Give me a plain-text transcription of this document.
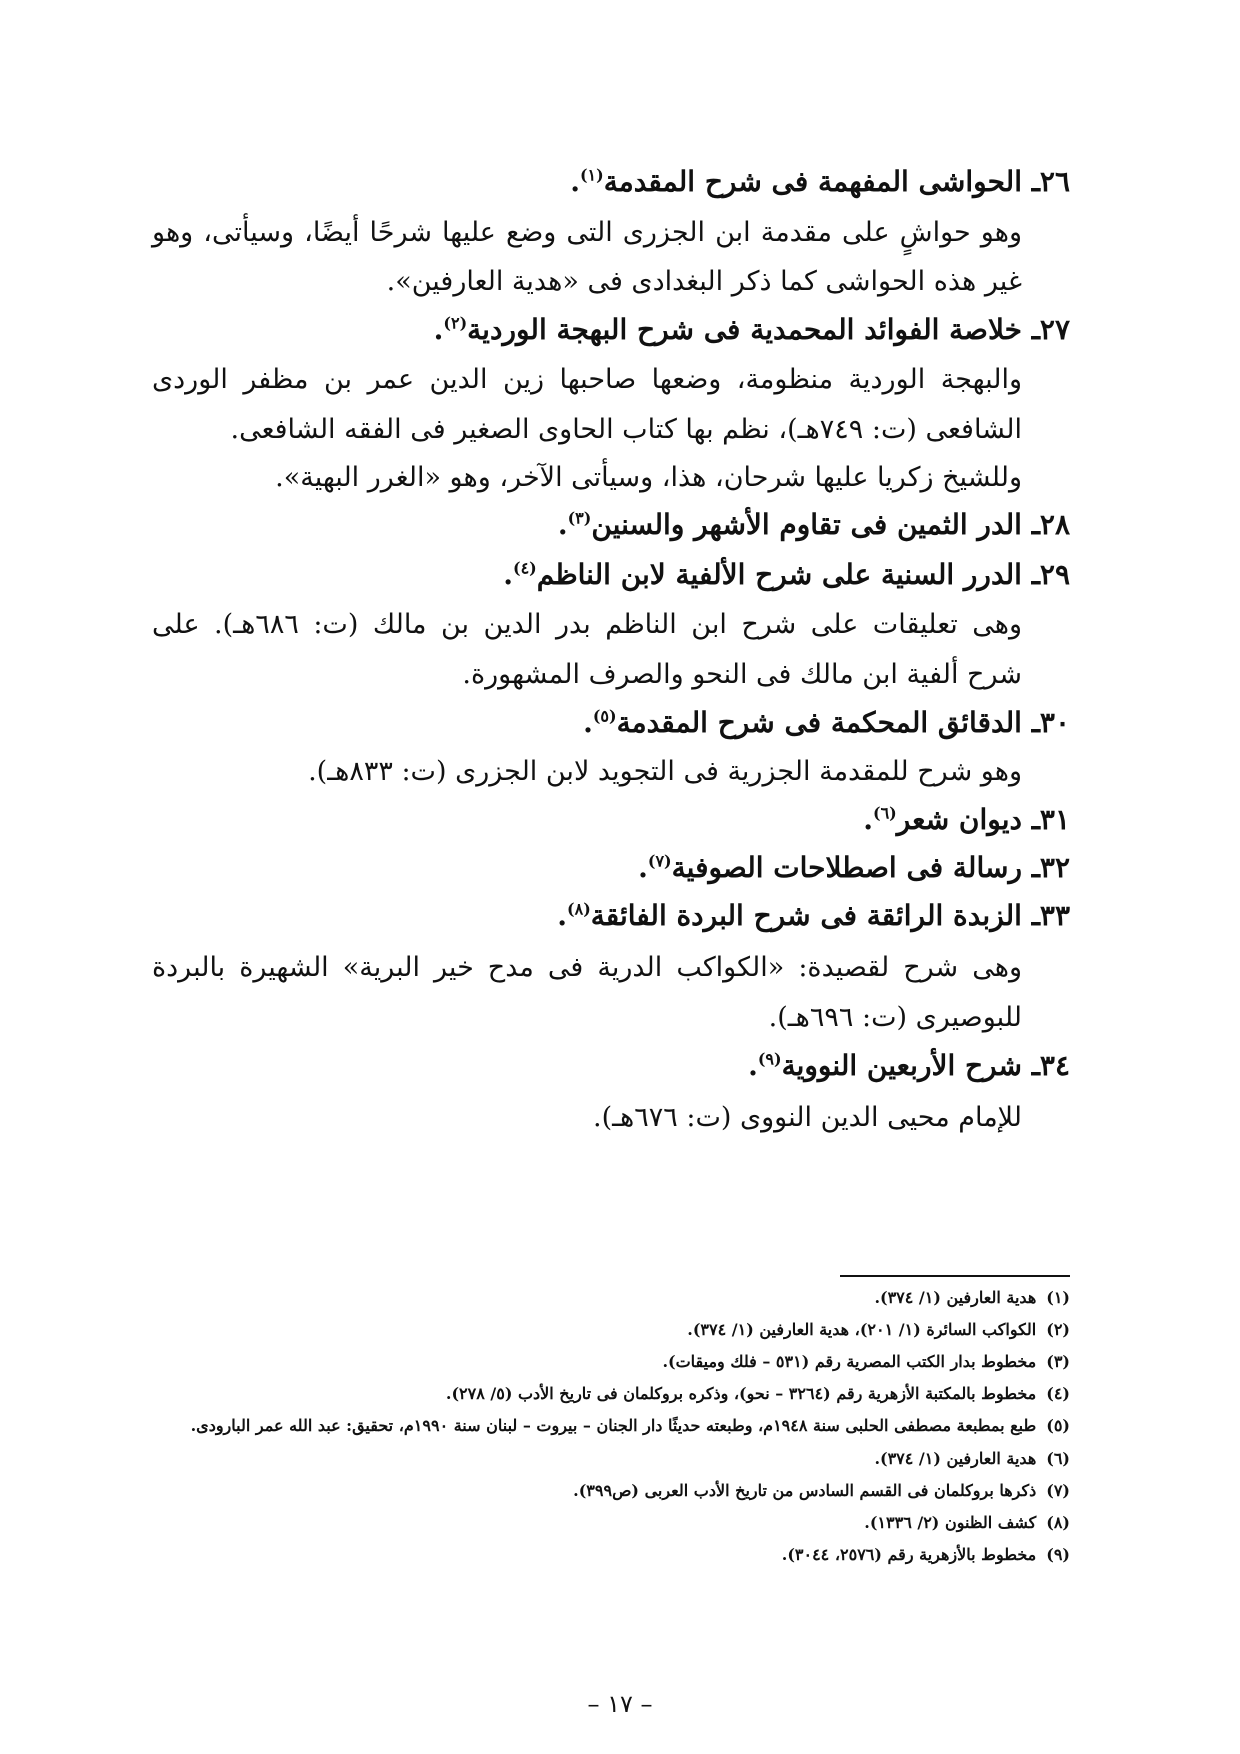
٢٦ـ الحواشى المفهمة فى شرح المقدمة$^{(١)}$.
وهو حواشٍ على مقدمة ابن الجزرى التى وضع عليها شرحًا أيضًا، وسيأتى، وهو
غير هذه الحواشى كما ذكر البغدادى فى «هدية العارفين».
٢٧ـ خلاصة الفوائد المحمدية فى شرح البهجة الوردية$^{(٢)}$.
والبهجة الوردية منظومة، وضعها صاحبها زين الدين عمر بن مظفر الوردى
الشافعى (ت: ٧٤٩هـ)، نظم بها كتاب الحاوى الصغير فى الفقه الشافعى.
وللشيخ زكريا عليها شرحان، هذا، وسيأتى الآخر، وهو «الغرر البهية».
٢٨ـ الدر الثمين فى تقاوم الأشهر والسنين$^{(٣)}$.
٢٩ـ الدرر السنية على شرح الألفية لابن الناظم$^{(٤)}$.
وهى تعليقات على شرح ابن الناظم بدر الدين بن مالك (ت: ٦٨٦هـ). على
شرح ألفية ابن مالك فى النحو والصرف المشهورة.
٣٠ـ الدقائق المحكمة فى شرح المقدمة$^{(٥)}$.
وهو شرح للمقدمة الجزرية فى التجويد لابن الجزرى (ت: ٨٣٣هـ).
٣١ـ ديوان شعر$^{(٦)}$.
٣٢ـ رسالة فى اصطلاحات الصوفية$^{(٧)}$.
٣٣ـ الزبدة الرائقة فى شرح البردة الفائقة$^{(٨)}$.
وهى شرح لقصيدة: «الكواكب الدرية فى مدح خير البرية» الشهيرة بالبردة
للبوصيرى (ت: ٦٩٦هـ).
٣٤ـ شرح الأربعين النووية$^{(٩)}$.
للإمام محيى الدين النووى (ت: ٦٧٦هـ).
(١)هدية العارفين (١/ ٣٧٤).
(٢)الكواكب السائرة (١/ ٢٠١)، هدية العارفين (١/ ٣٧٤).
(٣)مخطوط بدار الكتب المصرية رقم (٥٣١ – فلك وميقات).
(٤)مخطوط بالمكتبة الأزهرية رقم (٣٢٦٤ – نحو)، وذكره بروكلمان فى تاريخ الأدب (٥/ ٢٧٨).
(٥)طبع بمطبعة مصطفى الحلبى سنة ١٩٤٨م، وطبعته حديثًا دار الجنان – بيروت – لبنان سنة ١٩٩٠م، تحقيق: عبد الله عمر البارودى.
(٦)هدية العارفين (١/ ٣٧٤).
(٧)ذكرها بروكلمان فى القسم السادس من تاريخ الأدب العربى (ص٣٩٩).
(٨)كشف الظنون (٢/ ١٣٣٦).
(٩)مخطوط بالأزهرية رقم (٢٥٧٦، ٣٠٤٤).
– ١٧ –
